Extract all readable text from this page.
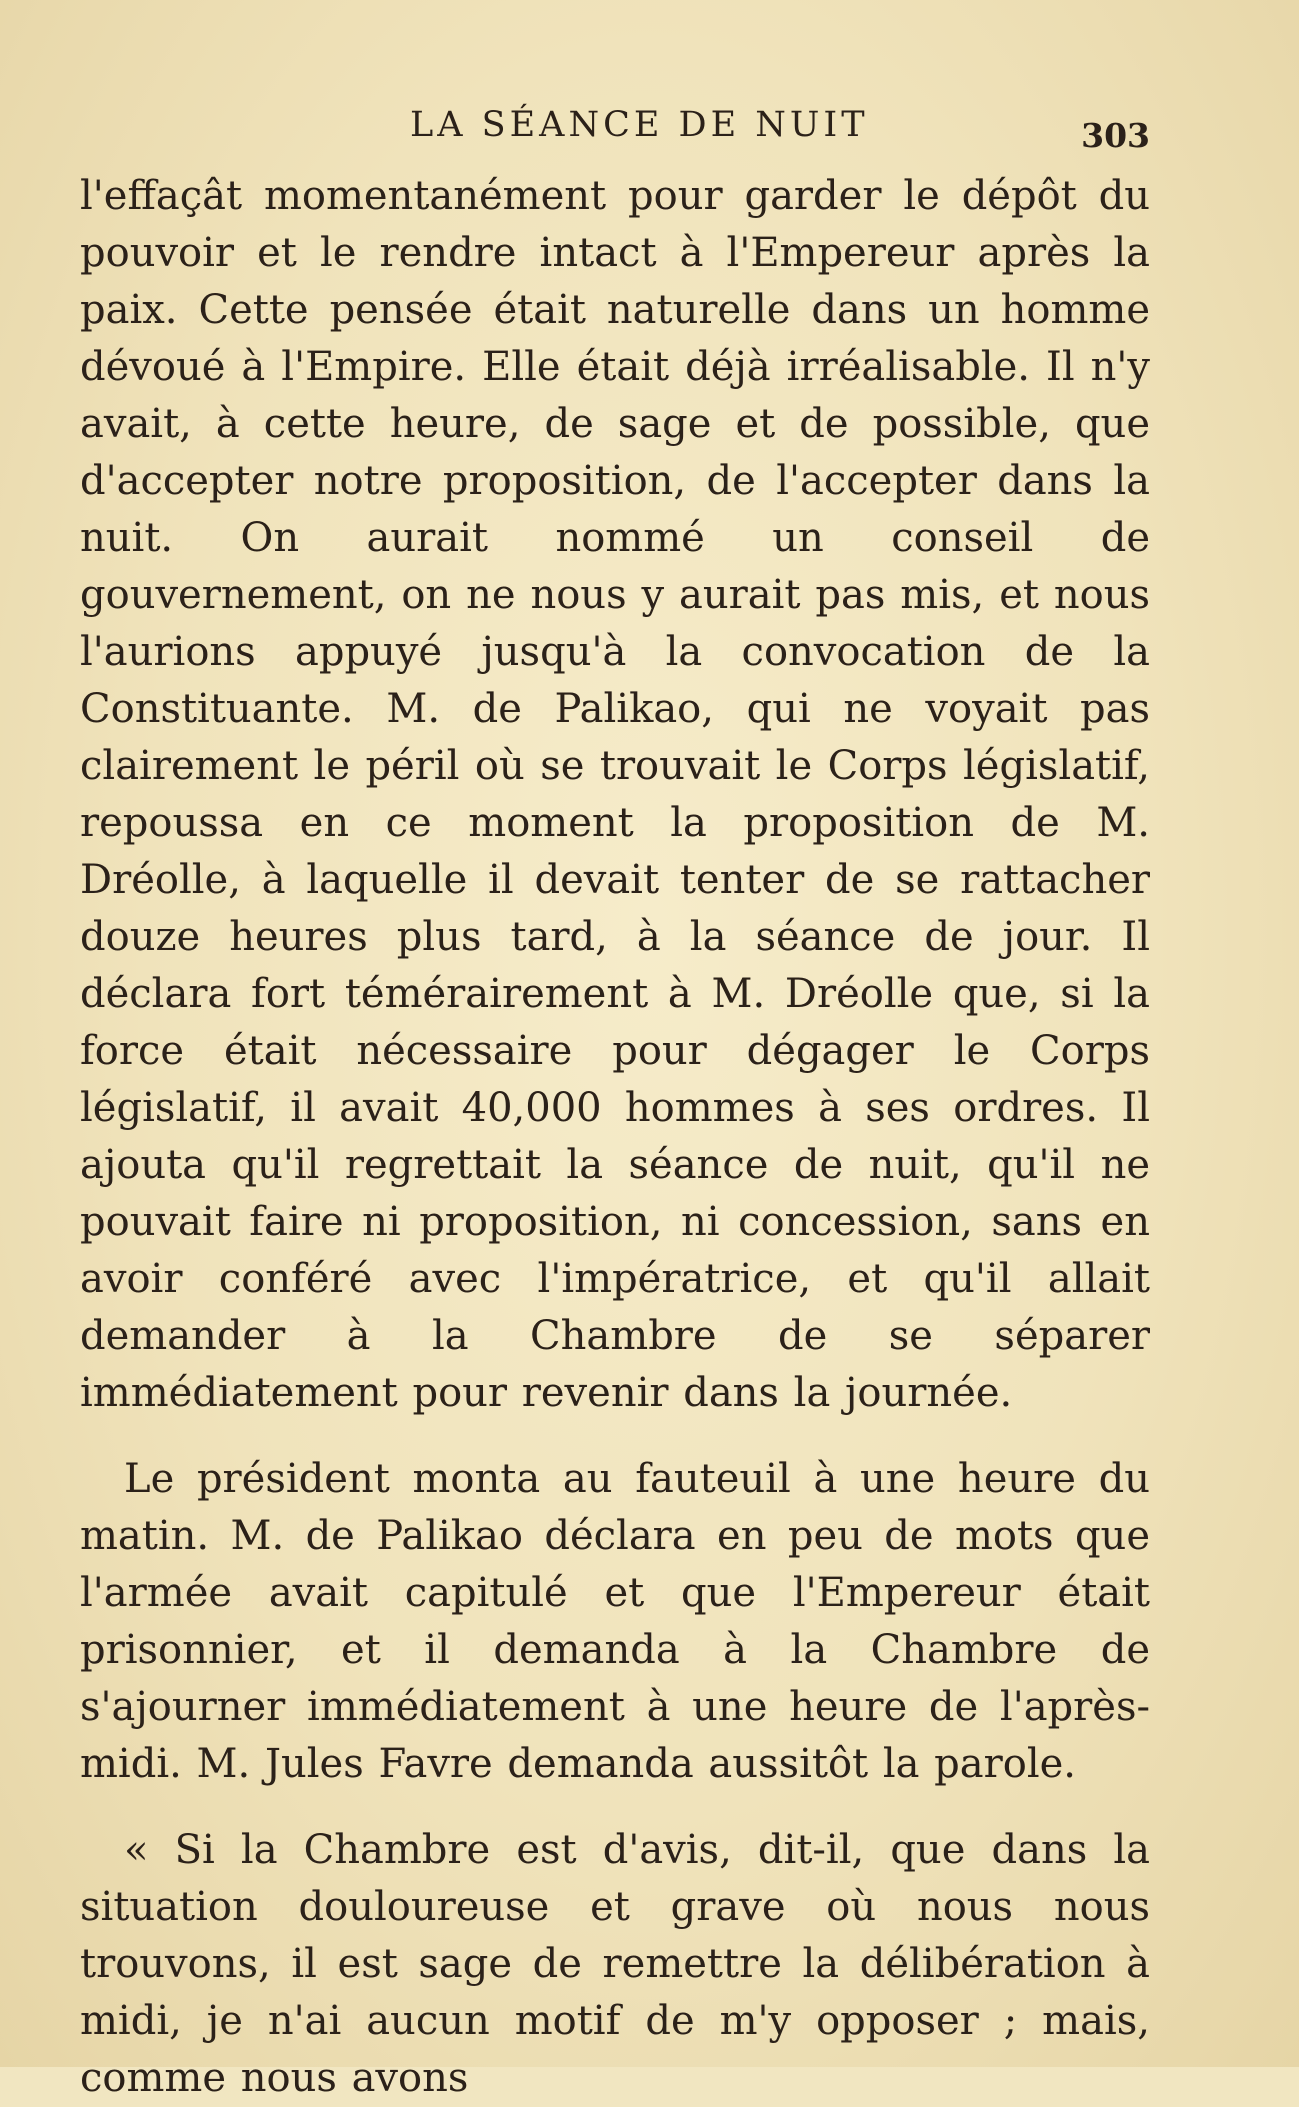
LA SÉANCE DE NUIT	303

l'effaçât momentanément pour garder le dépôt du pouvoir et le rendre intact à l'Empereur après la paix. Cette pensée était naturelle dans un homme dévoué à l'Empire. Elle était déjà irréalisable. Il n'y avait, à cette heure, de sage et de possible, que d'accepter notre proposition, de l'accepter dans la nuit. On aurait nommé un conseil de gouvernement, on ne nous y aurait pas mis, et nous l'aurions appuyé jusqu'à la convocation de la Constituante. M. de Palikao, qui ne voyait pas clairement le péril où se trouvait le Corps législatif, repoussa en ce moment la proposition de M. Dréolle, à laquelle il devait tenter de se rattacher douze heures plus tard, à la séance de jour. Il déclara fort témérairement à M. Dréolle que, si la force était nécessaire pour dégager le Corps législatif, il avait 40,000 hommes à ses ordres. Il ajouta qu'il regrettait la séance de nuit, qu'il ne pouvait faire ni proposition, ni concession, sans en avoir conféré avec l'impératrice, et qu'il allait demander à la Chambre de se séparer immédiatement pour revenir dans la journée.

Le président monta au fauteuil à une heure du matin. M. de Palikao déclara en peu de mots que l'armée avait capitulé et que l'Empereur était prisonnier, et il demanda à la Chambre de s'ajourner immédiatement à une heure de l'après-midi. M. Jules Favre demanda aussitôt la parole.

« Si la Chambre est d'avis, dit-il, que dans la situation douloureuse et grave où nous nous trouvons, il est sage de remettre la délibération à midi, je n'ai aucun motif de m'y opposer ; mais, comme nous avons
